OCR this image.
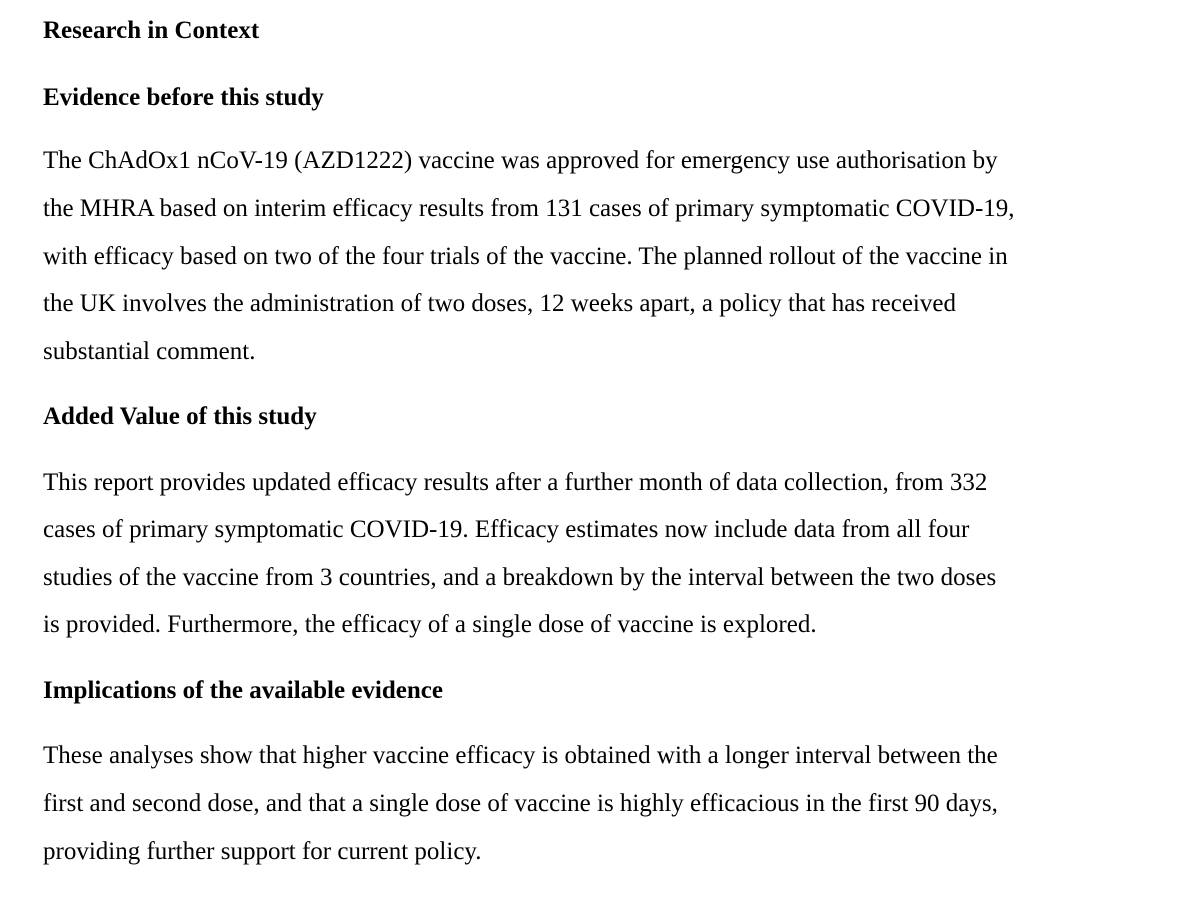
Research in Context
Evidence before this study

The ChAdOx1 nCoV-19 (AZD1222) vaccine was approved for emergency use authorisation by

the MHRA based on interim efficacy results from 131 cases of primary symptomatic COVID-19,

with efficacy based on two of the four trials of the vaccine. The planned rollout of the vaccine in

the UK involves the administration of two doses, 12 weeks apart, a policy that has received

substantial comment.

Added Value of this study

This report provides updated efficacy results after a further month of data collection, from 332

cases of primary symptomatic COVID-19. Efficacy estimates now include data from all four

studies of the vaccine from 3 countries, and a breakdown by the interval between the two doses

is provided. Furthermore, the efficacy of a single dose of vaccine is explored.

Implications of the available evidence

These analyses show that higher vaccine efficacy is obtained with a longer interval between the

first and second dose, and that a single dose of vaccine is highly efficacious in the first 90 days,

providing further support for current policy.
